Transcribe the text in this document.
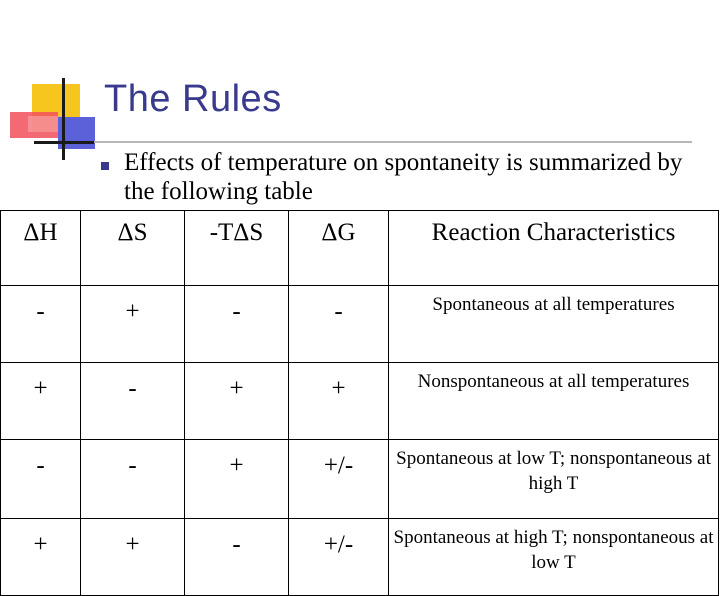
The Rules
Effects of temperature on spontaneity is summarized by the following table
ΔH	ΔS	-TΔS	ΔG	Reaction Characteristics
-	+	-	-	Spontaneous at all temperatures
+	-	+	+	Nonspontaneous at all temperatures
-	-	+	+/-	Spontaneous at low T; nonspontaneous at high T
+	+	-	+/-	Spontaneous at high T; nonspontaneous at low T
